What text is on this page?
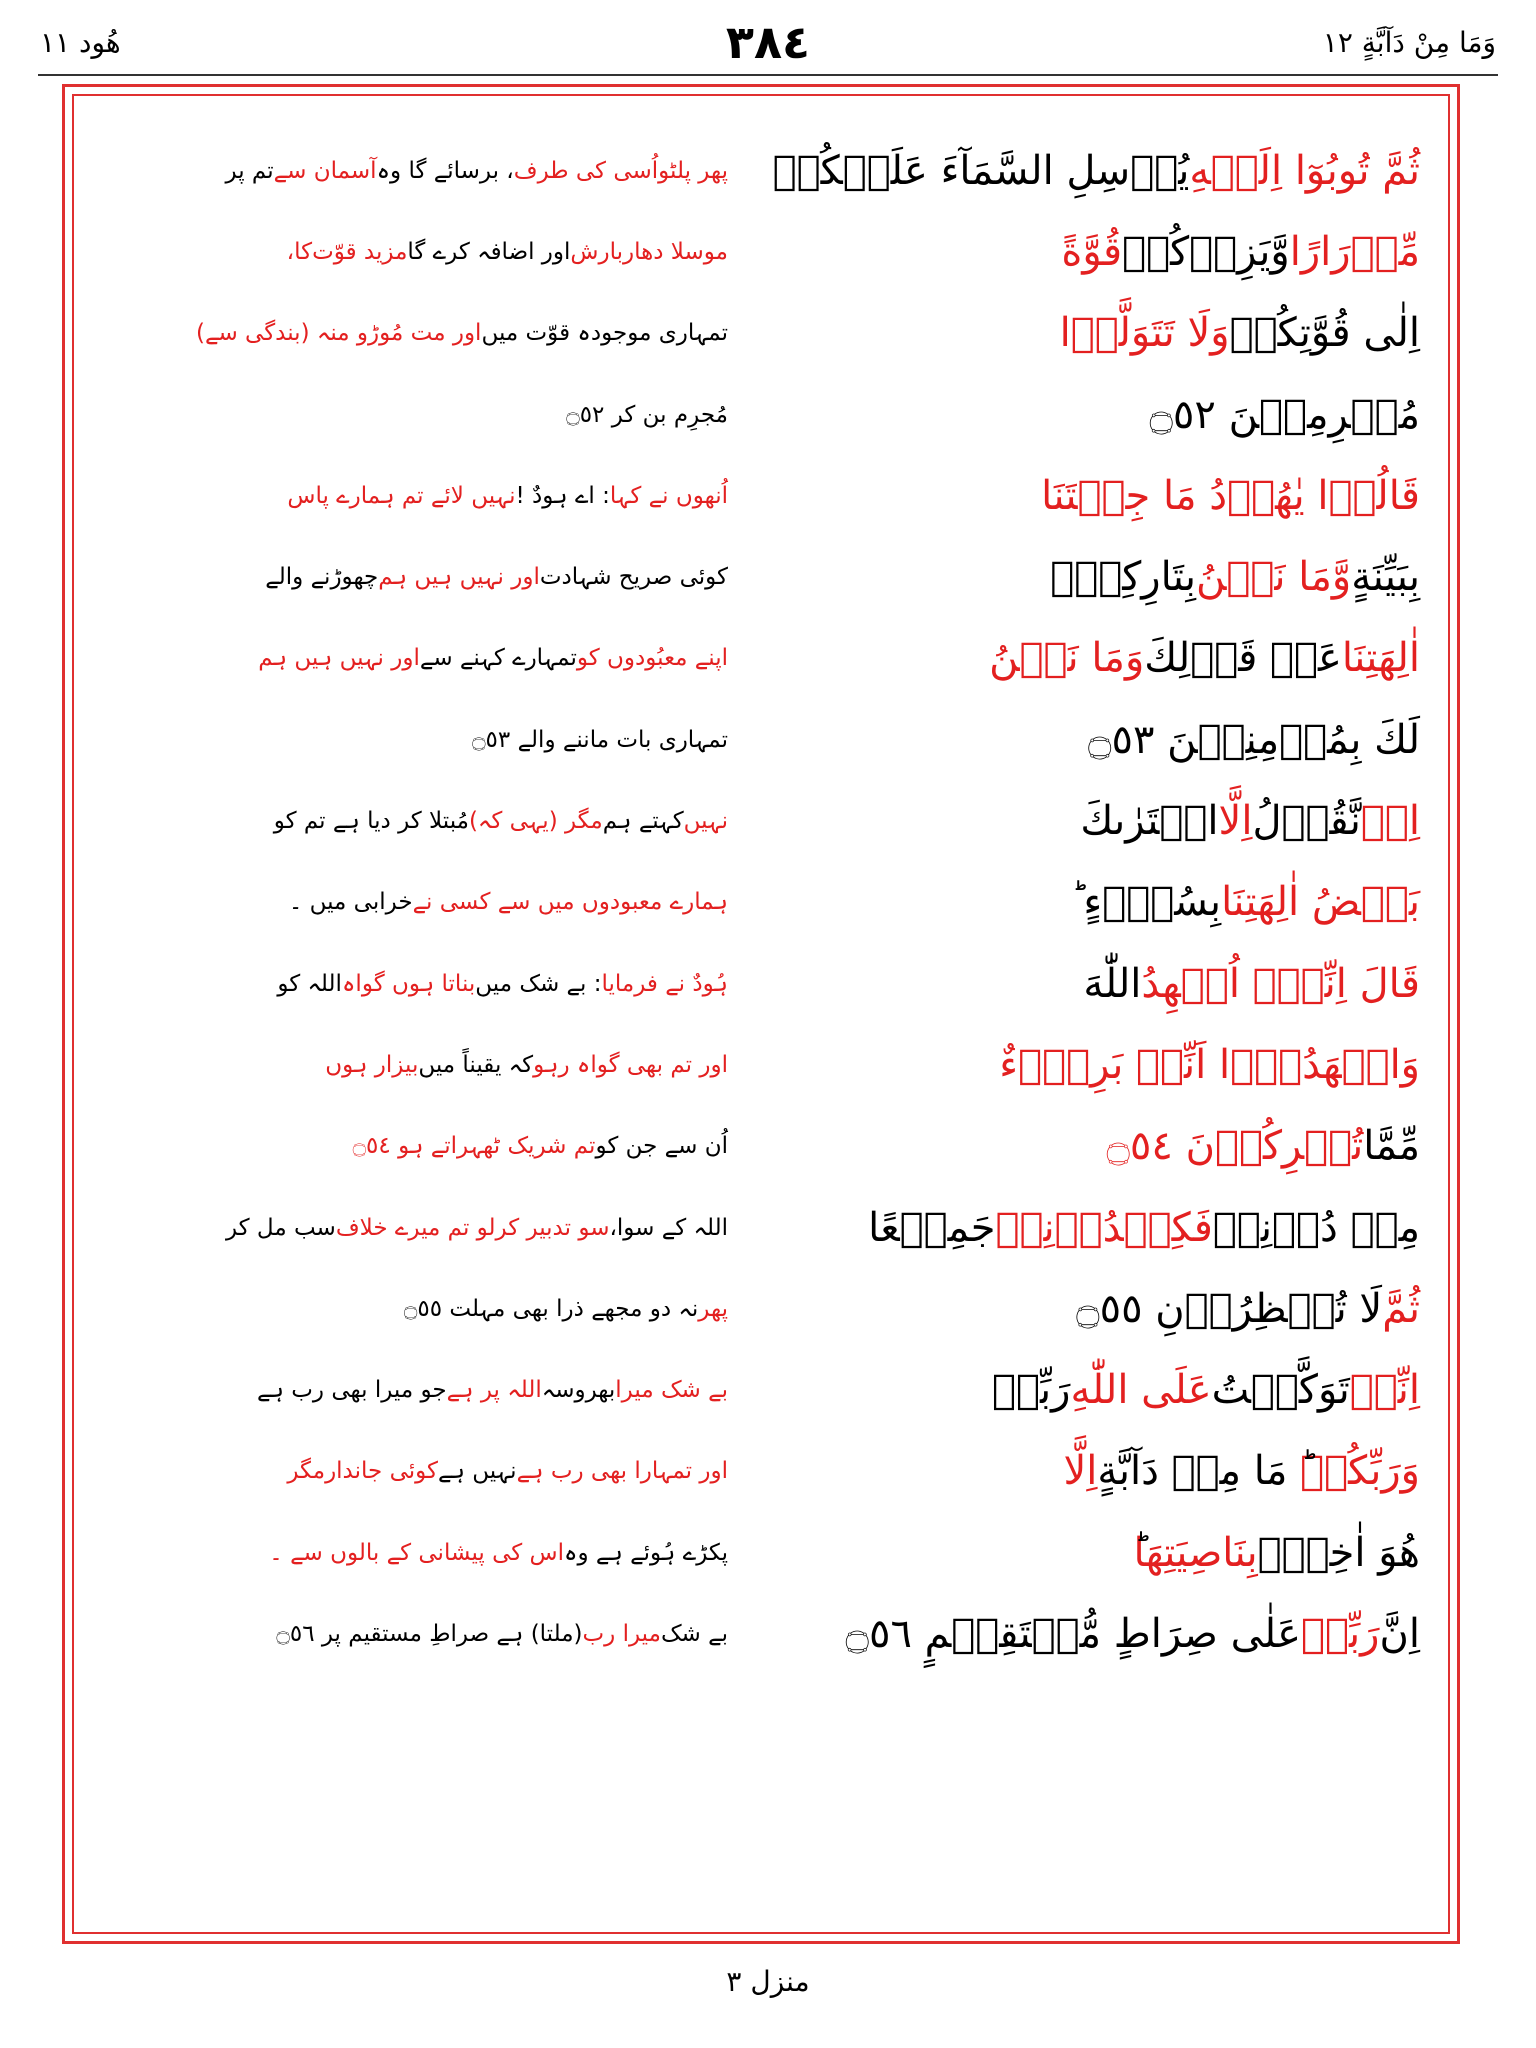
ھُود ١١	٣٨٤	وَمَا مِنْ دَآبَّةٍ ١٢
ثُمَّ تُوبُوٓا اِلَيۡهِ
يُرۡسِلِ السَّمَآءَ عَلَيۡكُمۡ
مِّدۡرَارًا
وَّيَزِدۡكُمۡ
قُوَّةً
اِلٰى قُوَّتِكُمۡ
وَلَا تَتَوَلَّوۡا
مُجۡرِمِيۡنَ ۝٥٢
قَالُوۡا يٰهُوۡدُ مَا جِئۡتَنَا
بِبَيِّنَةٍ
وَّمَا نَحۡنُ
بِتَارِكِىۡٓ
اٰلِهَتِنَا
عَنۡ قَوۡلِكَ
وَمَا نَحۡنُ
لَكَ بِمُؤۡمِنِيۡنَ ۝٥٣
اِنۡ
نَّقُوۡلُ
اِلَّا
اعۡتَرٰىكَ
بَعۡضُ اٰلِهَتِنَا
بِسُوۡٓءٍ ؕ
قَالَ اِنِّىۡٓ اُشۡهِدُ
اللّٰهَ
وَاشۡهَدُوۡٓا اَنِّىۡ بَرِىۡٓءٌ
مِّمَّا
تُشۡرِكُوۡنَ ۝٥٤
مِنۡ دُوۡنِهٖ
فَكِيۡدُوۡنِىۡ
جَمِيۡعًا
ثُمَّ
لَا تُنۡظِرُوۡنِ ۝٥٥
اِنِّىۡ
تَوَكَّلۡتُ
عَلَى اللّٰهِ
رَبِّىۡ
وَرَبِّكُمۡ
ؕ مَا مِنۡ دَآبَّةٍ
اِلَّا
هُوَ اٰخِذٌۢ
بِنَاصِيَتِهَا
اِنَّ
رَبِّىۡ
عَلٰى صِرَاطٍ مُّسۡتَقِيۡمٍ ۝٥٦
پھر پلٹو
اُسی کی طرف
، برسائے گا وہ
آسمان سے
تم پر
موسلا دھار
بارش
اور اضافہ کرے گا
مزید قوّت
کا،
تمہاری موجودہ قوّت میں
اور مت مُوڑو منہ (بندگی سے)
مُجرِم بن کر ۝٥٢
اُنھوں نے کہا
: اے ہودٌ !
نہیں لائے تم ہمارے پاس
کوئی صریح شہادت
اور نہیں ہیں ہم
چھوڑنے والے
اپنے معبُودوں کو
تمہارے کہنے سے
اور نہیں ہیں ہم
تمہاری بات ماننے والے ۝٥٣
نہیں
کہتے ہم
مگر (یہی کہ)
مُبتلا کر دیا ہے تم کو
ہمارے معبودوں میں سے کسی نے
خرابی میں ۔
ہُودٌ نے فرمایا
: بے شک میں
بناتا ہوں گواہ
اللہ کو
اور تم بھی گواہ رہو
کہ یقیناً میں
بیزار ہوں
اُن سے جن کو
تم شریک ٹھہراتے ہو ۝٥٤
اللہ کے سوا،
سو تدبیر کرلو تم میرے خلاف
سب مل کر
پھر
نہ دو مجھے ذرا بھی مہلت ۝٥٥
بے شک میرا
بھروسہ
اللہ پر ہے
جو میرا بھی رب ہے
اور تمہارا بھی رب ہے
نہیں ہے
کوئی جاندار
مگر
پکڑے ہُوئے ہے وہ
اس کی پیشانی کے بالوں سے ۔
بے شک
میرا رب
(ملتا) ہے صراطِ مستقیم پر ۝٥٦
منزل ٣
